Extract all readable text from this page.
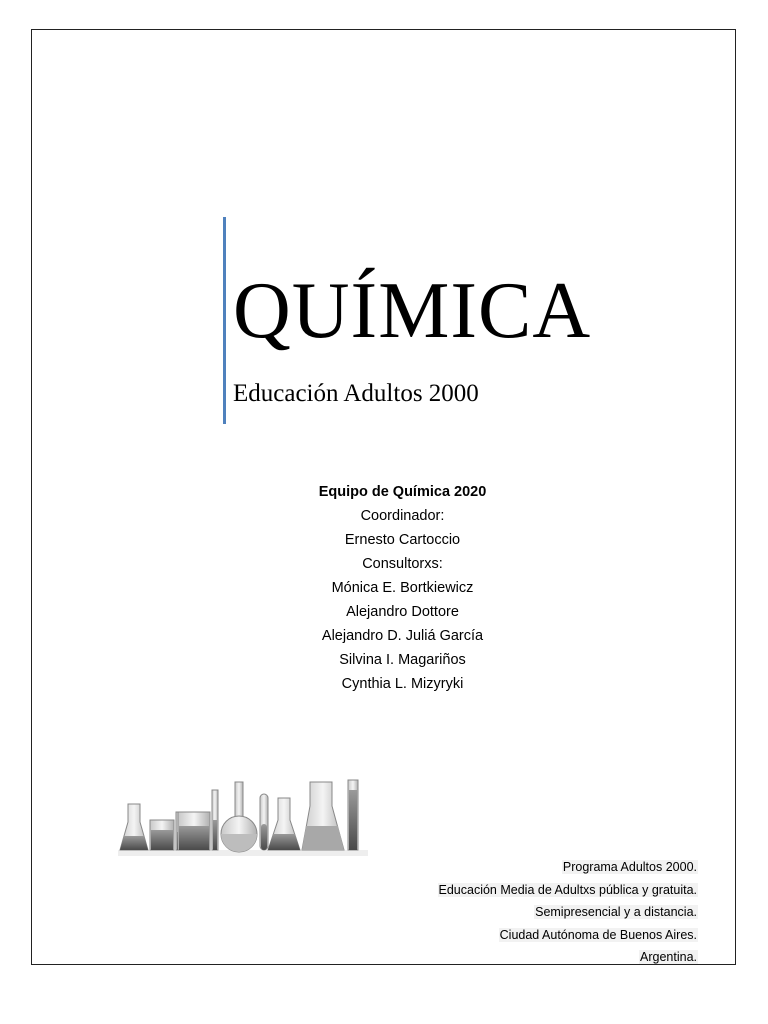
QUÍMICA
Educación Adultos 2000
Equipo de Química 2020
Coordinador:
Ernesto Cartoccio
Consultorxs:
Mónica E. Bortkiewicz
Alejandro Dottore
Alejandro D. Juliá García
Silvina I. Magariños
Cynthia L. Mizyryki
Programa Adultos 2000.
Educación Media de Adultxs pública y gratuita.
Semipresencial y a distancia.
Ciudad Autónoma de Buenos Aires.
Argentina.
